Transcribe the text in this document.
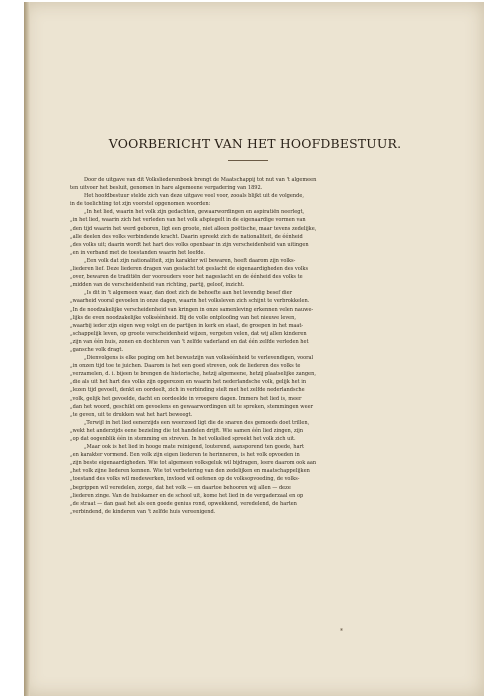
VOORBERICHT VAN HET HOOFDBESTUUR.
Door de uitgave van dit Volksliederenboek brengt de Maatschappij tot nut van 't algemeen
ten uitvoer het besluit, genomen in hare algemeene vergadering van 1892.
Het hoofdbestuur stelde zich van deze uitgave veel voor, zooals blijkt uit de volgende,
in de toelichting tot zijn voorstel opgenomen woorden:
„In het lied, waarin het volk zijn gedachten, gewaarwordingen en aspiratiën neerlegt,
„in het lied, waarin zich het verleden van het volk afspiegelt in de eigenaardige vormen van
„den tijd waarin het werd geboren, ligt een groote, niet alleen poëtische, maar tevens zedelijke,
„alle deelen des volks verbindende kracht. Daarin spreekt zich de nationaliteit, de éénheid
„des volks uit; daarin wordt het hart des volks openbaar in zijn verscheidenheid van uitingen
„en in verband met de toestanden waarin het leefde.
„Een volk dat zijn nationaliteit, zijn karakter wil bewaren, heeft daarom zijn volks-
„liederen lief. Deze liederen dragen van geslacht tot geslacht de eigenaardigheden des volks
„over, bewaren de traditiën der voorouders voor het nageslacht en de éénheid des volks te
„midden van de verscheidenheid van richting, partij, geloof, inzicht.
„Is dit in 't algemeen waar, dan doet zich de behoefte aan het levendig besef dier
„waarheid vooral gevoelen in onze dagen, waarin het volksleven zich schijnt te verbrokkelen.
„In de noodzakelijke verscheidenheid van kringen in onze samenleving erkennen velen nauwe-
„lijks de even noodzakelijke volkséénheid. Bij de volle ontplooiïng van het nieuwe leven,
„waarbij ieder zijn eigen weg volgt en de partijen in kerk en staat, de groepen in het maat-
„schappelijk leven, op groote verscheidenheid wijzen, vergeten velen, dat wij allen kinderen
„zijn van één huis, zonen en dochteren van 't zelfde vaderland en dat één zelfde verleden het
„gansche volk dragt.
„Dienvolgens is elke poging om het bewustzijn van volkséénheid te verlevendigen, vooral
„in onzen tijd toe te juichen. Daarom is het een goed streven, ook de liederen des volks te
„verzamelen, d. i. bijeen te brengen de historische, hetzij algemeene, hetzij plaatselijke zangen,
„die als uit het hart des volks zijn opgerezen en waarin het nederlandsche volk, gelijk het in
„lezen tijd gevoelt, denkt en oordeelt, zich in verbinding stelt met het zelfde nederlandsche
„volk, gelijk het gevoelde, dacht en oordeelde in vroegere dagen. Immers het lied is, meer
„dan het woord, geschikt om gevoelens en gewaarwordingen uit te spreken, stemmingen weer
„te geven, uit te drukken wat het hart beweegt.
„Terwijl in het lied eenerzijds een weerzoed ligt die de snaren des gemoeds doet trillen,
„wekt het anderzijds eene bezieling die tot handelen drijft. Wie samen één lied zingen, zijn
„op dat oogenblik één in stemming en streven. In het volkslied spreekt het volk zich uit.
„Maar ook is het lied in hooge mate reinigend, louterend, aansporend ten goede, hart
„en karakter vormend. Een volk zijn eigen liederen te herinneren, is het volk opvoeden in
„zijn beste eigenaardigheden. Wie tot algemeen volksgeluk wil bijdragen, leere daarom ook aan
„het volk zijne liederen kennen. Wie tot verbetering van den zedelijken en maatschappelijken
„toestand des volks wil medewerken, invloed wil oefenen op de volksopvoeding, de volks-
„begrippen wil veredelen, zorge, dat het volk — en daartoe behooren wij allen — deze
„liederen zinge. Van de huiskamer en de school uit, kome het lied in de vergaderzaal en op
„de straat — dan gaat het als een goede genius rond, opwekkend, veredelend, de harten
„verbindend, de kinderen van 't zelfde huis vereenigend.
*
